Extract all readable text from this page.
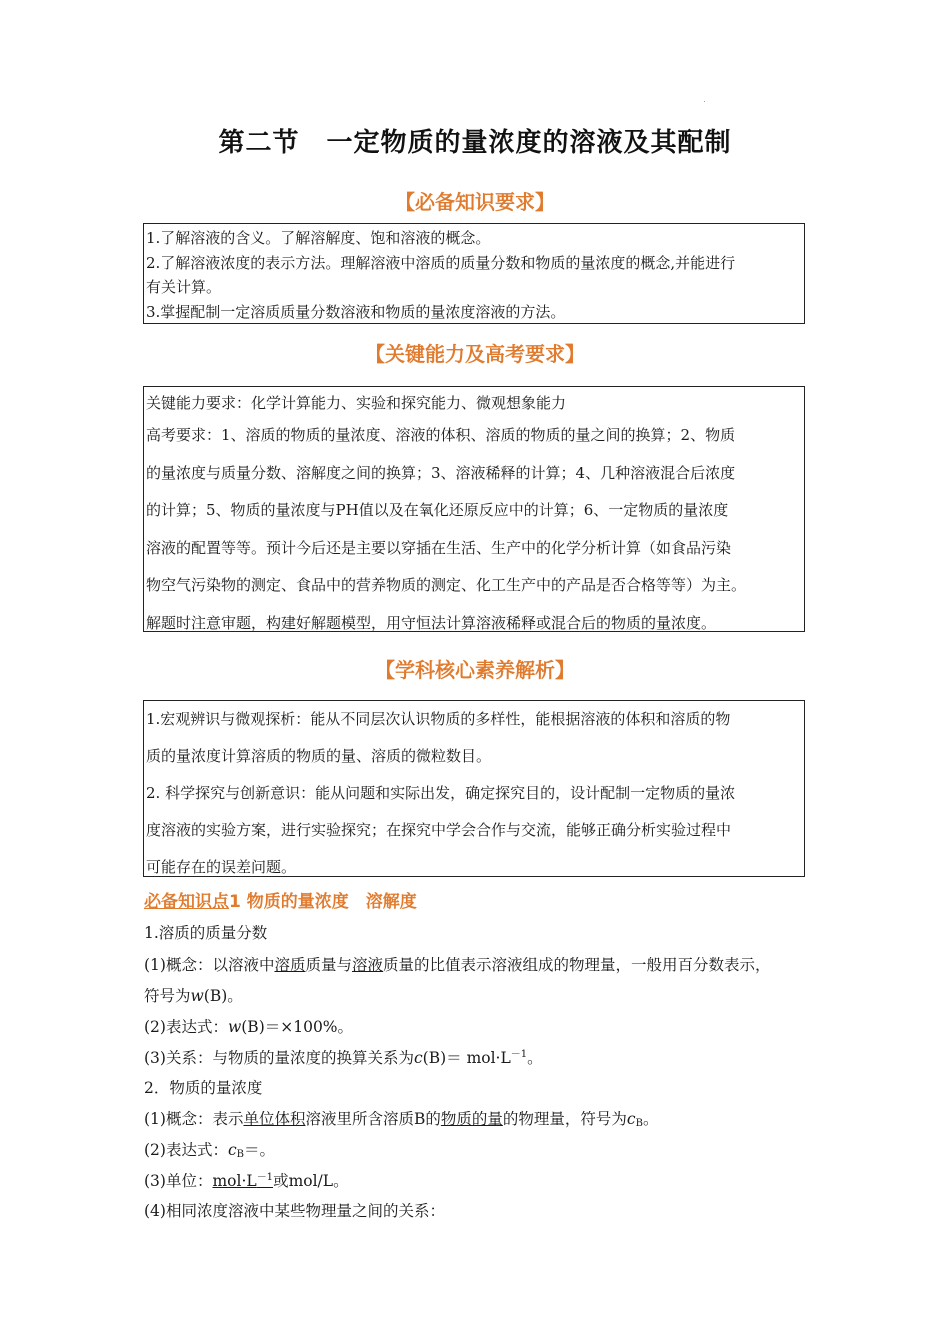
第二节　一定物质的量浓度的溶液及其配制
【必备知识要求】

1.了解溶液的含义。了解溶解度、饱和溶液的概念。

2.了解溶液浓度的表示方法。理解溶液中溶质的质量分数和物质的量浓度的概念,并能进行

有关计算。

3.掌握配制一定溶质质量分数溶液和物质的量浓度溶液的方法。

【关键能力及高考要求】

关键能力要求：化学计算能力、实验和探究能力、微观想象能力

高考要求：1、溶质的物质的量浓度、溶液的体积、溶质的物质的量之间的换算；2、物质

的量浓度与质量分数、溶解度之间的换算；3、溶液稀释的计算；4、几种溶液混合后浓度

的计算；5、物质的量浓度与PH值以及在氧化还原反应中的计算；6、一定物质的量浓度

溶液的配置等等。预计今后还是主要以穿插在生活、生产中的化学分析计算（如食品污染

物空气污染物的测定、食品中的营养物质的测定、化工生产中的产品是否合格等等）为主。

解题时注意审题，构建好解题模型，用守恒法计算溶液稀释或混合后的物质的量浓度。

【学科核心素养解析】

1.宏观辨识与微观探析：能从不同层次认识物质的多样性，能根据溶液的体积和溶质的物

质的量浓度计算溶质的物质的量、溶质的微粒数目。

2. 科学探究与创新意识：能从问题和实际出发，确定探究目的，设计配制一定物质的量浓

度溶液的实验方案，进行实验探究；在探究中学会合作与交流，能够正确分析实验过程中

可能存在的误差问题。

必备知识点1 物质的量浓度　溶解度
1.溶质的质量分数
(1)概念：以溶液中溶质质量与溶液质量的比值表示溶液组成的物理量，一般用百分数表示，
符号为w(B)。
(2)表达式：w(B)＝×100%。
(3)关系：与物质的量浓度的换算关系为$c(B)= mol\cdot L^{-1}$。
2．物质的量浓度
(1)概念：表示单位体积溶液里所含溶质B的物质的量的物理量，符号为$c_B$。
(2)表达式：$c_B=$。
(3)单位：$mol\cdot L^{-1}$或mol/L。
(4)相同浓度溶液中某些物理量之间的关系：
